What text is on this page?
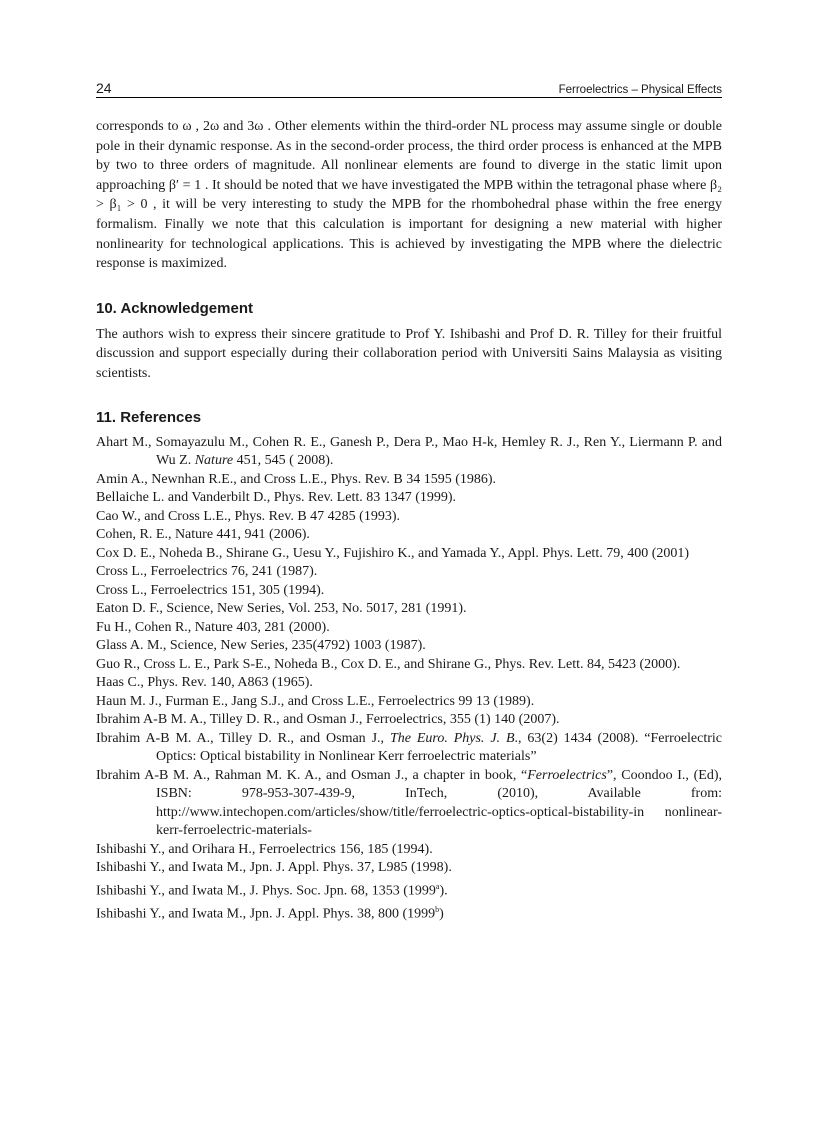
24	Ferroelectrics – Physical Effects

corresponds to ω , 2ω and 3ω . Other elements within the third-order NL process may assume single or double pole in their dynamic response. As in the second-order process, the third order process is enhanced at the MPB by two to three orders of magnitude. All nonlinear elements are found to diverge in the static limit upon approaching β′ = 1 . It should be noted that we have investigated the MPB within the tetragonal phase where β₂ > β₁ > 0 , it will be very interesting to study the MPB for the rhombohedral phase within the free energy formalism. Finally we note that this calculation is important for designing a new material with higher nonlinearity for technological applications. This is achieved by investigating the MPB where the dielectric response is maximized.

10. Acknowledgement

The authors wish to express their sincere gratitude to Prof Y. Ishibashi and Prof D. R. Tilley for their fruitful discussion and support especially during their collaboration period with Universiti Sains Malaysia as visiting scientists.

11. References
Ahart M., Somayazulu M., Cohen R. E., Ganesh P., Dera P., Mao H-k, Hemley R. J., Ren Y., Liermann P. and Wu Z. Nature 451, 545 ( 2008).
Amin A., Newnhan R.E., and Cross L.E., Phys. Rev. B 34 1595 (1986).
Bellaiche L. and Vanderbilt D., Phys. Rev. Lett. 83 1347 (1999).
Cao W., and Cross L.E., Phys. Rev. B 47 4285 (1993).
Cohen, R. E., Nature 441, 941 (2006).
Cox D. E., Noheda B., Shirane G., Uesu Y., Fujishiro K., and Yamada Y., Appl. Phys. Lett. 79, 400 (2001)
Cross L., Ferroelectrics 76, 241 (1987).
Cross L., Ferroelectrics 151, 305 (1994).
Eaton D. F., Science, New Series, Vol. 253, No. 5017, 281 (1991).
Fu H., Cohen R., Nature 403, 281 (2000).
Glass A. M., Science, New Series, 235(4792) 1003 (1987).
Guo R., Cross L. E., Park S-E., Noheda B., Cox D. E., and Shirane G., Phys. Rev. Lett. 84, 5423 (2000).
Haas C., Phys. Rev. 140, A863 (1965).
Haun M. J., Furman E., Jang S.J., and Cross L.E., Ferroelectrics 99 13 (1989).
Ibrahim A-B M. A., Tilley D. R., and Osman J., Ferroelectrics, 355 (1) 140 (2007).
Ibrahim A-B M. A., Tilley D. R., and Osman J., The Euro. Phys. J. B., 63(2) 1434 (2008). “Ferroelectric Optics: Optical bistability in Nonlinear Kerr ferroelectric materials”
Ibrahim A-B M. A., Rahman M. K. A., and Osman J., a chapter in book, “Ferroelectrics”, Coondoo I., (Ed), ISBN: 978-953-307-439-9, InTech, (2010), Available from: http://www.intechopen.com/articles/show/title/ferroelectric-optics-optical-bistability-in nonlinear-kerr-ferroelectric-materials-
Ishibashi Y., and Orihara H., Ferroelectrics 156, 185 (1994).
Ishibashi Y., and Iwata M., Jpn. J. Appl. Phys. 37, L985 (1998).
Ishibashi Y., and Iwata M., J. Phys. Soc. Jpn. 68, 1353 (1999$^a$).
Ishibashi Y., and Iwata M., Jpn. J. Appl. Phys. 38, 800 (1999$^b$)
